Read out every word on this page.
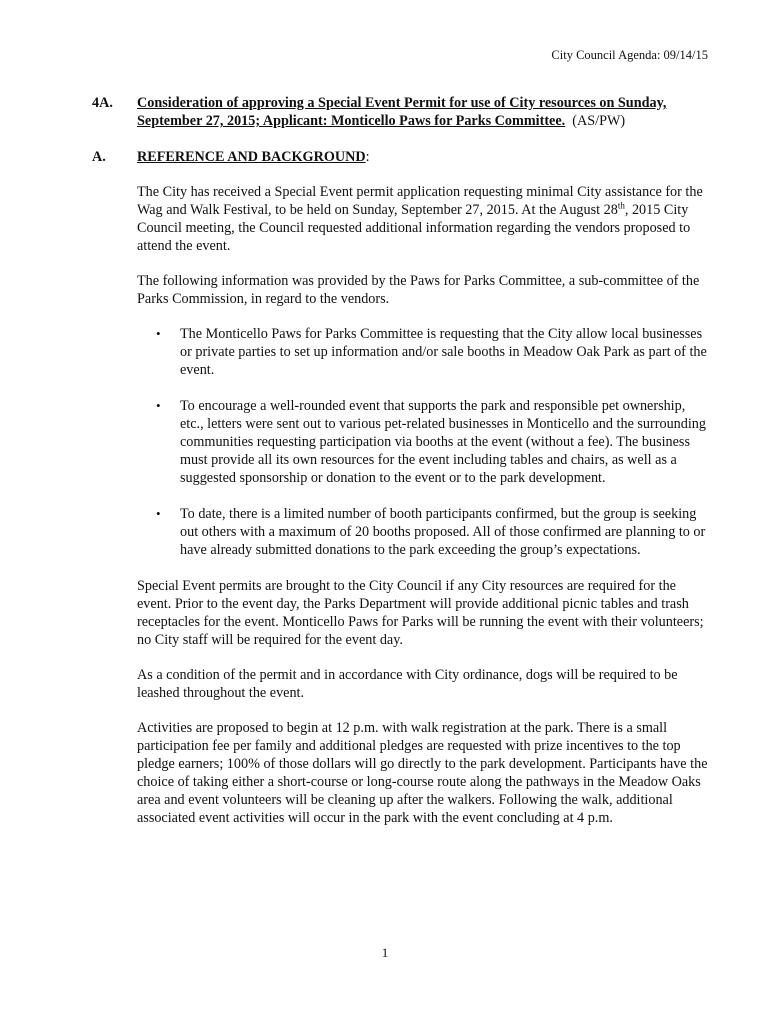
City Council Agenda: 09/14/15
4A. Consideration of approving a Special Event Permit for use of City resources on Sunday,
September 27, 2015; Applicant: Monticello Paws for Parks Committee. (AS/PW)
A. REFERENCE AND BACKGROUND:

The City has received a Special Event permit application requesting minimal City assistance for the Wag and Walk Festival, to be held on Sunday, September 27, 2015. At the August 28th, 2015 City Council meeting, the Council requested additional information regarding the vendors proposed to attend the event.

The following information was provided by the Paws for Parks Committee, a sub-committee of the Parks Commission, in regard to the vendors.

• The Monticello Paws for Parks Committee is requesting that the City allow local businesses or private parties to set up information and/or sale booths in Meadow Oak Park as part of the event.
• To encourage a well-rounded event that supports the park and responsible pet ownership, etc., letters were sent out to various pet-related businesses in Monticello and the surrounding communities requesting participation via booths at the event (without a fee). The business must provide all its own resources for the event including tables and chairs, as well as a suggested sponsorship or donation to the event or to the park development.
• To date, there is a limited number of booth participants confirmed, but the group is seeking out others with a maximum of 20 booths proposed. All of those confirmed are planning to or have already submitted donations to the park exceeding the group’s expectations.

Special Event permits are brought to the City Council if any City resources are required for the event. Prior to the event day, the Parks Department will provide additional picnic tables and trash receptacles for the event. Monticello Paws for Parks will be running the event with their volunteers; no City staff will be required for the event day.

As a condition of the permit and in accordance with City ordinance, dogs will be required to be leashed throughout the event.

Activities are proposed to begin at 12 p.m. with walk registration at the park. There is a small participation fee per family and additional pledges are requested with prize incentives to the top pledge earners; 100% of those dollars will go directly to the park development. Participants have the choice of taking either a short-course or long-course route along the pathways in the Meadow Oaks area and event volunteers will be cleaning up after the walkers. Following the walk, additional associated event activities will occur in the park with the event concluding at 4 p.m.

1
